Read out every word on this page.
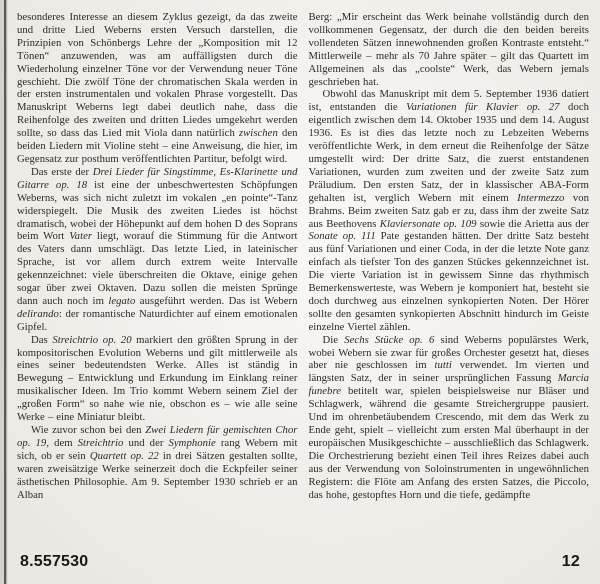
besonderes Interesse an diesem Zyklus gezeigt, da das zweite und dritte Lied Weberns ersten Versuch darstellen, die Prinzipien von Schönbergs Lehre der „Komposition mit 12 Tönen“ anzuwenden, was am auffälligsten durch die Wiederholung einzelner Töne vor der Verwendung neuer Töne geschieht. Die zwölf Töne der chromatischen Skala werden in der ersten instrumentalen und vokalen Phrase vorgestellt. Das Manuskript Weberns legt dabei deutlich nahe, dass die Reihenfolge des zweiten und dritten Liedes umgekehrt werden sollte, so dass das Lied mit Viola dann natürlich zwischen den beiden Liedern mit Violine steht – eine Anweisung, die hier, im Gegensatz zur posthum veröffentlichten Partitur, befolgt wird.

Das erste der Drei Lieder für Singstimme, Es-Klarinette und Gitarre op. 18 ist eine der unbeschwertesten Schöpfungen Weberns, was sich nicht zuletzt im vokalen „en pointe“-Tanz widerspiegelt. Die Musik des zweiten Liedes ist höchst dramatisch, wobei der Höhepunkt auf dem hohen D des Soprans beim Wort Vater liegt, worauf die Stimmung für die Antwort des Vaters dann umschlägt. Das letzte Lied, in lateinischer Sprache, ist vor allem durch extrem weite Intervalle gekennzeichnet: viele überschreiten die Oktave, einige gehen sogar über zwei Oktaven. Dazu sollen die meisten Sprünge dann auch noch im legato ausgeführt werden. Das ist Webern delirando: der romantische Naturdichter auf einem emotionalen Gipfel.

Das Streichtrio op. 20 markiert den größten Sprung in der kompositorischen Evolution Weberns und gilt mittlerweile als eines seiner bedeutendsten Werke. Alles ist ständig in Bewegung – Entwicklung und Erkundung im Einklang reiner musikalischer Ideen. Im Trio kommt Webern seinem Ziel der „großen Form“ so nahe wie nie, obschon es – wie alle seine Werke – eine Miniatur bleibt.

Wie zuvor schon bei den Zwei Liedern für gemischten Chor op. 19, dem Streichtrio und der Symphonie rang Webern mit sich, ob er sein Quartett op. 22 in drei Sätzen gestalten sollte, waren zweisätzige Werke seinerzeit doch die Eckpfeiler seiner ästhetischen Philosophie. Am 9. September 1930 schrieb er an Alban

Berg: „Mir erscheint das Werk beinahe vollständig durch den vollkommenen Gegensatz, der durch die den beiden bereits vollendeten Sätzen innewohnenden großen Kontraste entsteht.“ Mittlerweile – mehr als 70 Jahre später – gilt das Quartett im Allgemeinen als das „coolste“ Werk, das Webern jemals geschrieben hat.

Obwohl das Manuskript mit dem 5. September 1936 datiert ist, entstanden die Variationen für Klavier op. 27 doch eigentlich zwischen dem 14. Oktober 1935 und dem 14. August 1936. Es ist dies das letzte noch zu Lebzeiten Weberns veröffentlichte Werk, in dem erneut die Reihenfolge der Sätze umgestellt wird: Der dritte Satz, die zuerst entstandenen Variationen, wurden zum zweiten und der zweite Satz zum Präludium. Den ersten Satz, der in klassischer ABA-Form gehalten ist, verglich Webern mit einem Intermezzo von Brahms. Beim zweiten Satz gab er zu, dass ihm der zweite Satz aus Beethovens Klaviersonate op. 109 sowie die Arietta aus der Sonate op. 111 Pate gestanden hätten. Der dritte Satz besteht aus fünf Variationen und einer Coda, in der die letzte Note ganz einfach als tiefster Ton des ganzen Stückes gekennzeichnet ist. Die vierte Variation ist in gewissem Sinne das rhythmisch Bemerkenswerteste, was Webern je komponiert hat, besteht sie doch durchweg aus einzelnen synkopierten Noten. Der Hörer sollte den gesamten synkopierten Abschnitt hindurch im Geiste einzelne Viertel zählen.

Die Sechs Stücke op. 6 sind Weberns populärstes Werk, wobei Webern sie zwar für großes Orchester gesetzt hat, dieses aber nie geschlossen im tutti verwendet. Im vierten und längsten Satz, der in seiner ursprünglichen Fassung Marcia funebre betitelt war, spielen beispielsweise nur Bläser und Schlagwerk, während die gesamte Streichergruppe pausiert. Und im ohrenbetäubendem Crescendo, mit dem das Werk zu Ende geht, spielt – vielleicht zum ersten Mal überhaupt in der europäischen Musikgeschichte – ausschließlich das Schlagwerk. Die Orchestrierung bezieht einen Teil ihres Reizes dabei auch aus der Verwendung von Soloinstrumenten in ungewöhnlichen Registern: die Flöte am Anfang des ersten Satzes, die Piccolo, das hohe, gestopftes Horn und die tiefe, gedämpfte

8.557530	12
